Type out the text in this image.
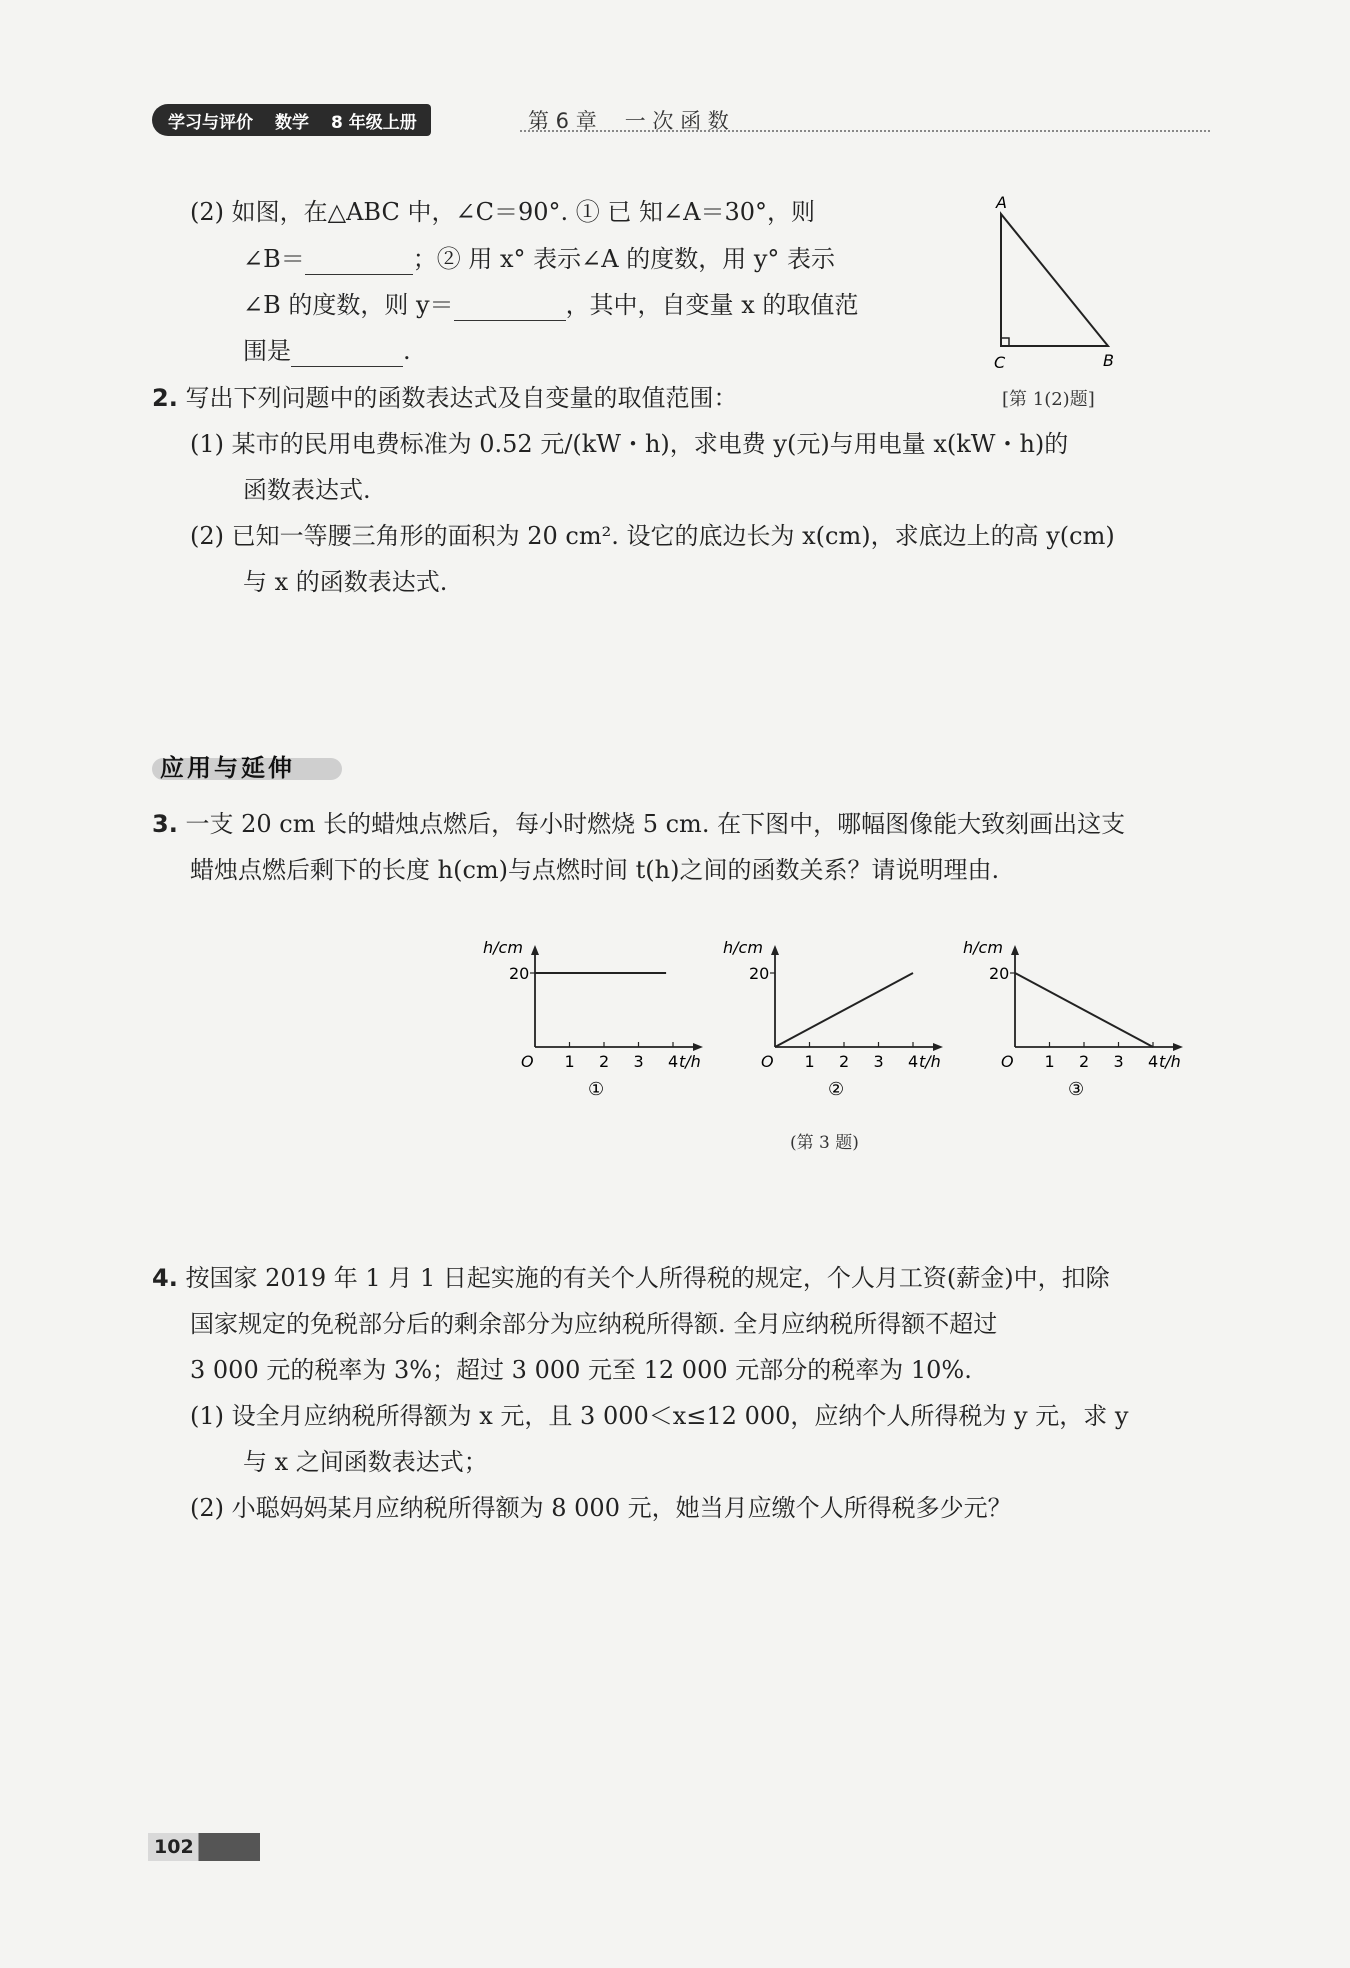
学习与评价 数学 8 年级上册	第 6 章 一 次 函 数
(2) 如图，在△ABC 中，∠C＝90°. ① 已 知∠A＝30°，则
∠B＝	；② 用 x° 表示∠A 的度数，用 y° 表示
∠B 的度数，则 y＝	，其中，自变量 x 的取值范
围是	.
A
C	B
[第 1(2)题]
2. 写出下列问题中的函数表达式及自变量的取值范围：
(1) 某市的民用电费标准为 0.52 元/(kW・h)，求电费 y(元)与用电量 x(kW・h)的
函数表达式.
(2) 已知一等腰三角形的面积为 20 cm². 设它的底边长为 x(cm)，求底边上的高 y(cm)
与 x 的函数表达式.
应用与延伸
3. 一支 20 cm 长的蜡烛点燃后，每小时燃烧 5 cm. 在下图中，哪幅图像能大致刻画出这支
蜡烛点燃后剩下的长度 h(cm)与点燃时间 t(h)之间的函数关系？请说明理由.
h/cm
O
20
1 2 3 4 t/h
①
h/cm
O
20
1 2 3 4 t/h
②
h/cm
O
20
1 2 3 4 t/h
③
(第 3 题)
4. 按国家 2019 年 1 月 1 日起实施的有关个人所得税的规定，个人月工资(薪金)中，扣除
国家规定的免税部分后的剩余部分为应纳税所得额. 全月应纳税所得额不超过
3 000 元的税率为 3%；超过 3 000 元至 12 000 元部分的税率为 10%.
(1) 设全月应纳税所得额为 x 元，且 3 000＜x≤12 000，应纳个人所得税为 y 元，求 y
与 x 之间函数表达式；
(2) 小聪妈妈某月应纳税所得额为 8 000 元，她当月应缴个人所得税多少元？
102
